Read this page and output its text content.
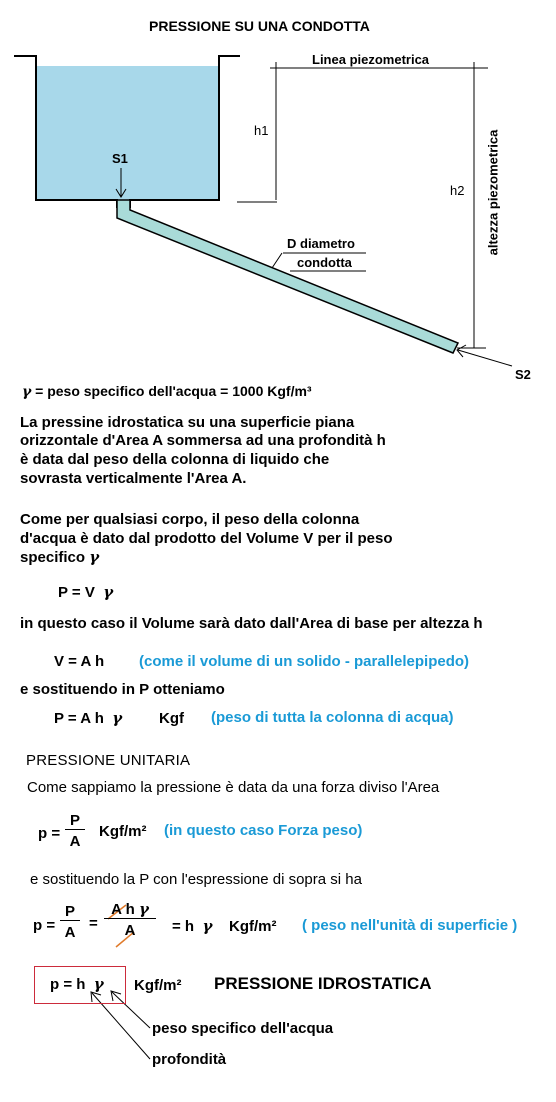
PRESSIONE SU UNA CONDOTTA
Linea piezometrica
h1
h2 altezza piezometrica
S1
S2
D diametro
condotta
γ = peso specifico dell'acqua = 1000 Kgf/m³
La pressine idrostatica su una superficie piana
orizzontale d'Area A sommersa ad una profondità h
è data dal peso della colonna di liquido che
sovrasta verticalmente l'Area A.
Come per qualsiasi corpo, il peso della colonna
d'acqua è dato dal prodotto del Volume V per il peso
specifico γ
P = V γ
in questo caso il Volume sarà dato dall'Area di base per altezza h
V = A h (come il volume di un solido - parallelepipedo)
e sostituendo in P otteniamo
P = A h γ Kgf (peso di tutta la colonna di acqua)
PRESSIONE UNITARIA
Come sappiamo la pressione è data da una forza diviso l'Area
$p = \frac{P}{A} Kgf/m^2$ (in questo caso Forza peso)
e sostituendo la P con l'espressione di sopra si ha
$p = \frac{P}{A} = \frac{\text{A h γ}}{A} = h$ γ Kgf/m² ( peso nell'unità di superficie )
p = h γ Kgf/m² PRESSIONE IDROSTATICA
peso specifico dell'acqua
profondità
